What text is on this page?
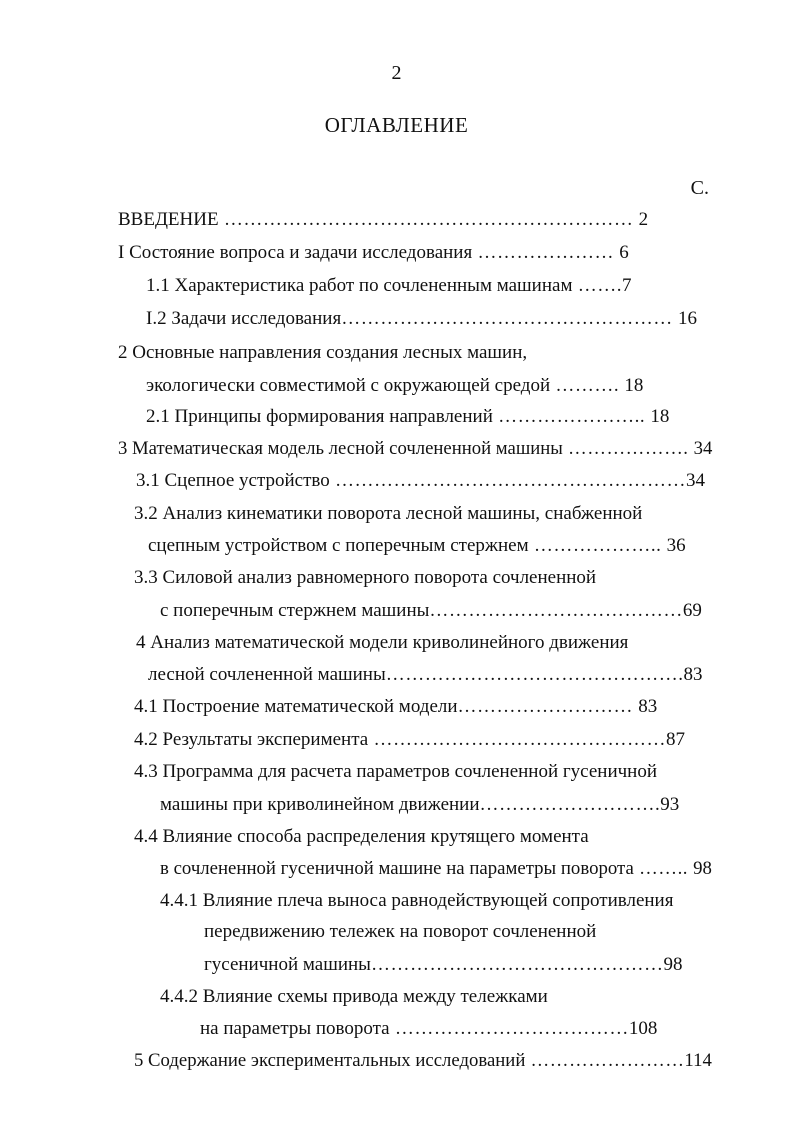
2
ОГЛАВЛЕНИЕ
С.
ВВЕДЕНИЕ ……………………………………………………… 2
I Состояние вопроса и задачи исследования ………………… 6
1.1 Характеристика работ по сочлененным машинам …….7
I.2 Задачи исследования…………………………………………… 16
2 Основные направления создания лесных машин,
экологически совместимой с окружающей средой ………. 18
2.1 Принципы формирования направлений ………………….. 18
3 Математическая модель лесной сочлененной машины ………………. 34
3.1 Сцепное устройство ………………………………………………34
3.2 Анализ кинематики поворота лесной машины, снабженной
сцепным устройством с поперечным стержнем ……………….. 36
3.3 Силовой анализ равномерного поворота сочлененной
с поперечным стержнем машины…………………………………69
4 Анализ математической модели криволинейного движения
лесной сочлененной машины……………………………………….83
4.1 Построение математической модели……………………… 83
4.2 Результаты эксперимента ………………………………………87
4.3 Программа для расчета параметров сочлененной гусеничной
машины при криволинейном движении……………………….93
4.4 Влияние способа распределения крутящего момента
в сочлененной гусеничной машине на параметры поворота …….. 98
4.4.1 Влияние плеча выноса равнодействующей сопротивления
передвижению тележек на поворот сочлененной
гусеничной машины………………………………………98
4.4.2 Влияние схемы привода между тележками
на параметры поворота ………………………………108
5 Содержание экспериментальных исследований ……………………114
